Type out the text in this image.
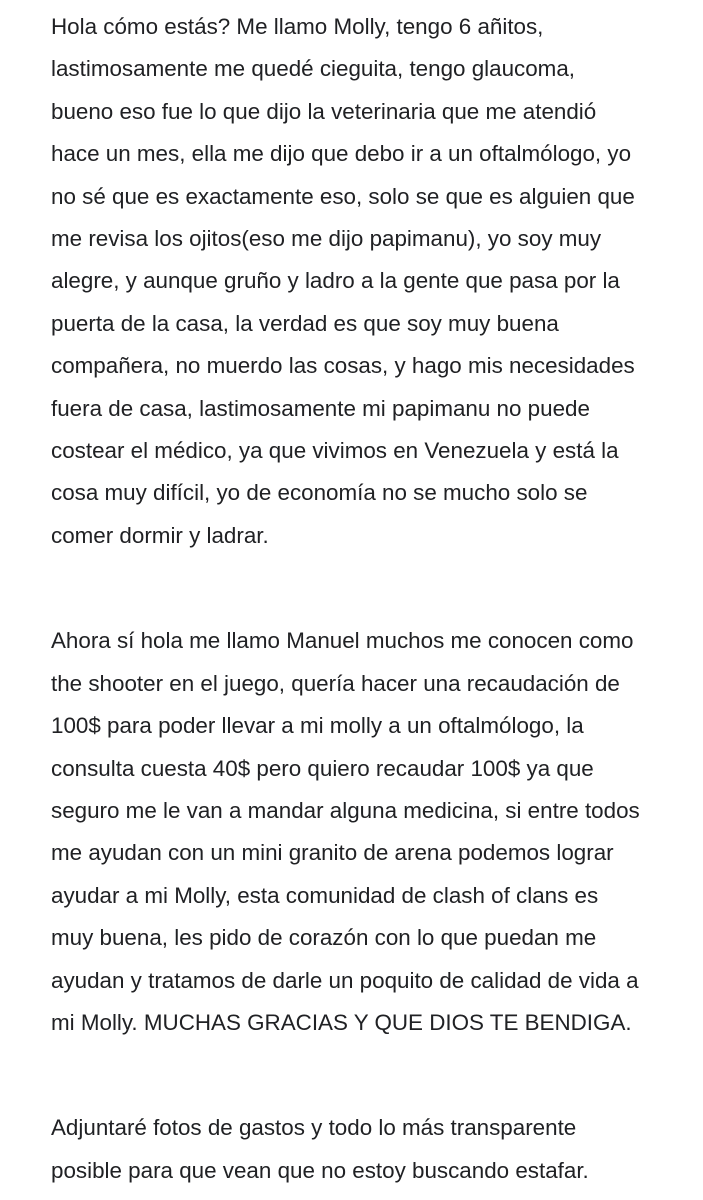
Hola cómo estás? Me llamo Molly, tengo 6 añitos,
lastimosamente me quedé cieguita, tengo glaucoma,
bueno eso fue lo que dijo la veterinaria que me atendió
hace un mes, ella me dijo que debo ir a un oftalmólogo, yo
no sé que es exactamente eso, solo se que es alguien que
me revisa los ojitos(eso me dijo papimanu), yo soy muy
alegre, y aunque gruño y ladro a la gente que pasa por la
puerta de la casa, la verdad es que soy muy buena
compañera, no muerdo las cosas, y hago mis necesidades
fuera de casa, lastimosamente mi papimanu no puede
costear el médico, ya que vivimos en Venezuela y está la
cosa muy difícil, yo de economía no se mucho solo se
comer dormir y ladrar.

Ahora sí hola me llamo Manuel muchos me conocen como
the shooter en el juego, quería hacer una recaudación de
100$ para poder llevar a mi molly a un oftalmólogo, la
consulta cuesta 40$ pero quiero recaudar 100$ ya que
seguro me le van a mandar alguna medicina, si entre todos
me ayudan con un mini granito de arena podemos lograr
ayudar a mi Molly, esta comunidad de clash of clans es
muy buena, les pido de corazón con lo que puedan me
ayudan y tratamos de darle un poquito de calidad de vida a
mi Molly. MUCHAS GRACIAS Y QUE DIOS TE BENDIGA.

Adjuntaré fotos de gastos y todo lo más transparente
posible para que vean que no estoy buscando estafar.
